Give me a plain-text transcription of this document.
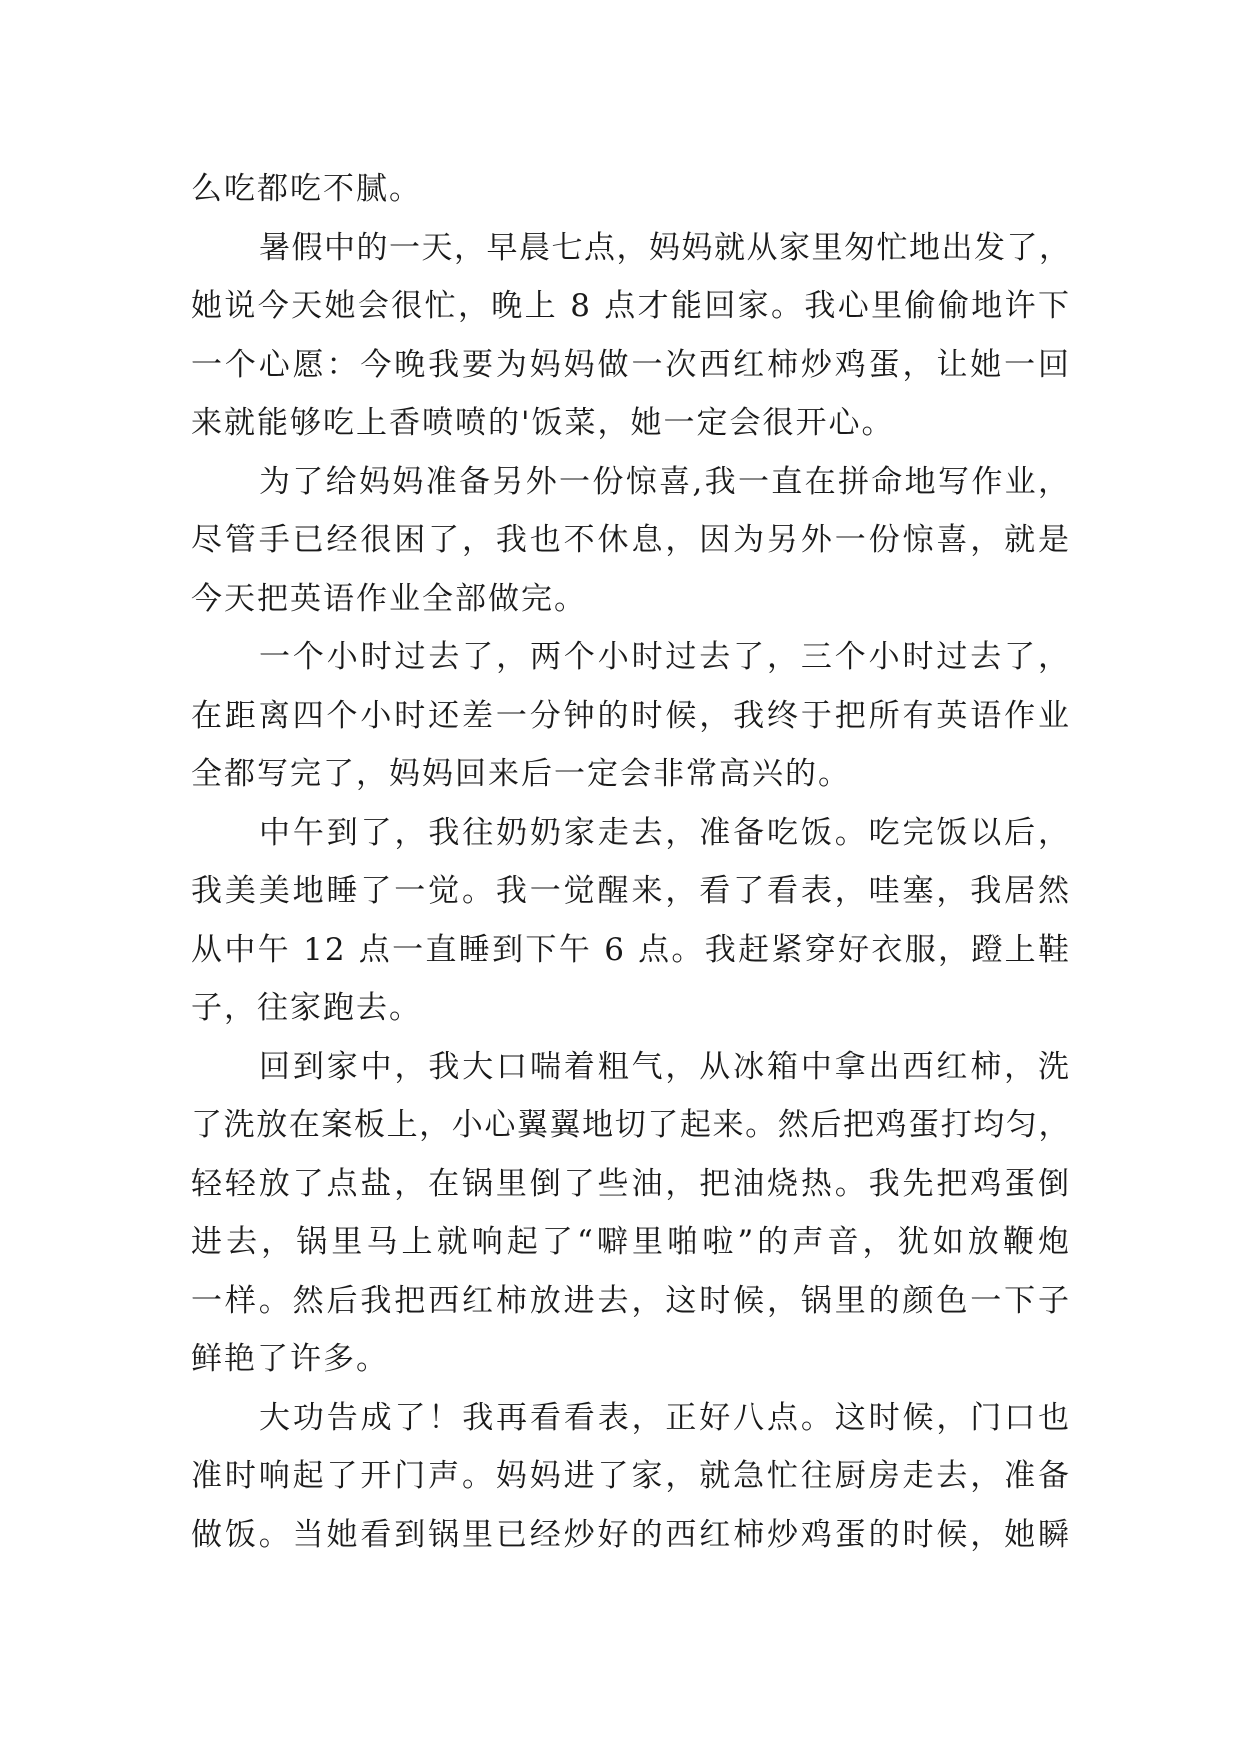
么吃都吃不腻。

暑假中的一天，早晨七点，妈妈就从家里匆忙地出发了，
她说今天她会很忙，晚上 8 点才能回家。我心里偷偷地许下
一个心愿：今晚我要为妈妈做一次西红柿炒鸡蛋，让她一回
来就能够吃上香喷喷的'饭菜，她一定会很开心。

为了给妈妈准备另外一份惊喜,我一直在拼命地写作业，
尽管手已经很困了，我也不休息，因为另外一份惊喜，就是
今天把英语作业全部做完。

一个小时过去了，两个小时过去了，三个小时过去了，
在距离四个小时还差一分钟的时候，我终于把所有英语作业
全都写完了，妈妈回来后一定会非常高兴的。

中午到了，我往奶奶家走去，准备吃饭。吃完饭以后，
我美美地睡了一觉。我一觉醒来，看了看表，哇塞，我居然
从中午 12 点一直睡到下午 6 点。我赶紧穿好衣服，蹬上鞋
子，往家跑去。

回到家中，我大口喘着粗气，从冰箱中拿出西红柿，洗
了洗放在案板上，小心翼翼地切了起来。然后把鸡蛋打均匀，
轻轻放了点盐，在锅里倒了些油，把油烧热。我先把鸡蛋倒
进去，锅里马上就响起了“噼里啪啦”的声音，犹如放鞭炮
一样。然后我把西红柿放进去，这时候，锅里的颜色一下子
鲜艳了许多。

大功告成了！我再看看表，正好八点。这时候，门口也
准时响起了开门声。妈妈进了家，就急忙往厨房走去，准备
做饭。当她看到锅里已经炒好的西红柿炒鸡蛋的时候，她瞬
